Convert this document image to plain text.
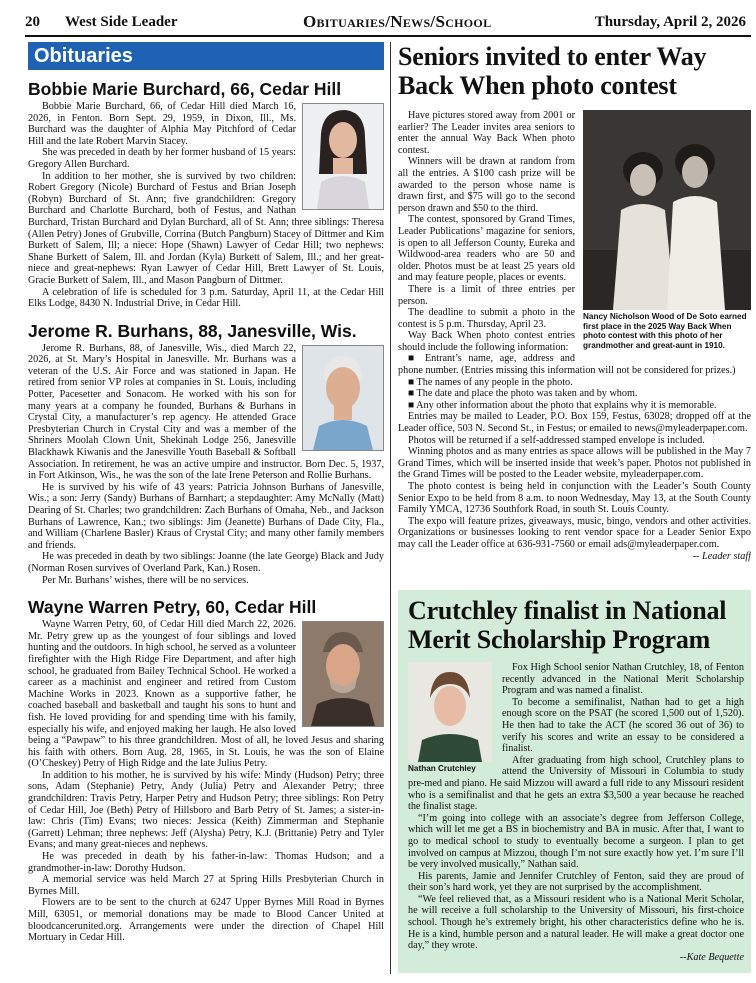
20 West Side Leader	Obituaries/News/School	Thursday, April 2, 2026
Obituaries
Bobbie Marie Burchard, 66, Cedar Hill

Bobbie Marie Burchard, 66, of Cedar Hill died March 16, 2026, in Fenton. Born Sept. 29, 1959, in Dixon, Ill., Ms. Burchard was the daughter of Alphia May Pitchford of Cedar Hill and the late Robert Marvin Stacey.

She was preceded in death by her former husband of 15 years: Gregory Allen Burchard.

In addition to her mother, she is survived by two children: Robert Gregory (Nicole) Burchard of Festus and Brian Joseph (Robyn) Burchard of St. Ann; five grandchildren: Gregory Burchard and Charlotte Burchard, both of Festus, and Nathan Burchard, Tristan Burchard and Dylan Burchard, all of St. Ann; three siblings: Theresa (Allen Petry) Jones of Grubville, Corrina (Butch Pangburn) Stacey of Dittmer and Kim Burkett of Salem, Ill; a niece: Hope (Shawn) Lawyer of Cedar Hill; two nephews: Shane Burkett of Salem, Ill. and Jordan (Kyla) Burkett of Salem, Ill.; and her great-niece and great-nephews: Ryan Lawyer of Cedar Hill, Brett Lawyer of St. Louis, Gracie Burkett of Salem, Ill., and Mason Pangburn of Dittmer.

A celebration of life is scheduled for 3 p.m. Saturday, April 11, at the Cedar Hill Elks Lodge, 8430 N. Industrial Drive, in Cedar Hill.

Jerome R. Burhans, 88, Janesville, Wis.

Jerome R. Burhans, 88, of Janesville, Wis., died March 22, 2026, at St. Mary’s Hospital in Janesville. Mr. Burhans was a veteran of the U.S. Air Force and was stationed in Japan. He retired from senior VP roles at companies in St. Louis, including Potter, Pacesetter and Sonacom. He worked with his son for many years at a company he founded, Burhans & Burhans in Crystal City, a manufacturer’s rep agency. He attended Grace Presbyterian Church in Crystal City and was a member of the Shriners Moolah Clown Unit, Shekinah Lodge 256, Janesville Blackhawk Kiwanis and the Janesville Youth Baseball & Softball Association. In retirement, he was an active umpire and instructor. Born Dec. 5, 1937, in Fort Atkinson, Wis., he was the son of the late Irene Peterson and Rollie Burhans.

He is survived by his wife of 43 years: Patricia Johnson Burhans of Janesville, Wis.; a son: Jerry (Sandy) Burhans of Barnhart; a stepdaughter: Amy McNally (Matt) Dearing of St. Charles; two grandchildren: Zach Burhans of Omaha, Neb., and Jackson Burhans of Lawrence, Kan.; two siblings: Jim (Jeanette) Burhans of Dade City, Fla., and William (Charlene Basler) Kraus of Crystal City; and many other family members and friends.

He was preceded in death by two siblings: Joanne (the late George) Black and Judy (Norman Rosen survives of Overland Park, Kan.) Rosen.

Per Mr. Burhans’ wishes, there will be no services.

Wayne Warren Petry, 60, Cedar Hill

Wayne Warren Petry, 60, of Cedar Hill died March 22, 2026. Mr. Petry grew up as the youngest of four siblings and loved hunting and the outdoors. In high school, he served as a volunteer firefighter with the High Ridge Fire Department, and after high school, he graduated from Bailey Technical School. He worked a career as a machinist and engineer and retired from Custom Machine Works in 2023. Known as a supportive father, he coached baseball and basketball and taught his sons to hunt and fish. He loved providing for and spending time with his family, especially his wife, and enjoyed making her laugh. He also loved being a “Pawpaw” to his three grandchildren. Most of all, he loved Jesus and sharing his faith with others. Born Aug. 28, 1965, in St. Louis, he was the son of Elaine (O’Cheskey) Petry of High Ridge and the late Julius Petry.

In addition to his mother, he is survived by his wife: Mindy (Hudson) Petry; three sons, Adam (Stephanie) Petry, Andy (Julia) Petry and Alexander Petry; three grandchildren: Travis Petry, Harper Petry and Hudson Petry; three siblings: Ron Petry of Cedar Hill, Joe (Beth) Petry of Hillsboro and Barb Petry of St. James; a sister-in-law: Chris (Tim) Evans; two nieces: Jessica (Keith) Zimmerman and Stephanie (Garrett) Lehman; three nephews: Jeff (Alysha) Petry, K.J. (Brittanie) Petry and Tyler Evans; and many great-nieces and nephews.

He was preceded in death by his father-in-law: Thomas Hudson; and a grandmother-in-law: Dorothy Hudson.

A memorial service was held March 27 at Spring Hills Presbyterian Church in Byrnes Mill.

Flowers are to be sent to the church at 6247 Upper Byrnes Mill Road in Byrnes Mill, 63051, or memorial donations may be made to Blood Cancer United at bloodcancerunited.org. Arrangements were under the direction of Chapel Hill Mortuary in Cedar Hill.

Seniors invited to enter Way Back When photo contest
Nancy Nicholson Wood of De Soto earned first place in the 2025 Way Back When photo contest with this photo of her grandmother and great-aunt in 1910.

Have pictures stored away from 2001 or earlier? The Leader invites area seniors to enter the annual Way Back When photo contest.

Winners will be drawn at random from all the entries. A $100 cash prize will be awarded to the person whose name is drawn first, and $75 will go to the second person drawn and $50 to the third.

The contest, sponsored by Grand Times, Leader Publications’ magazine for seniors, is open to all Jefferson County, Eureka and Wildwood-area readers who are 50 and older. Photos must be at least 25 years old and may feature people, places or events.

There is a limit of three entries per person.

The deadline to submit a photo in the contest is 5 p.m. Thursday, April 23.

Way Back When photo contest entries should include the following information:

■ Entrant’s name, age, address and phone number. (Entries missing this information will not be considered for prizes.)

■ The names of any people in the photo.

■ The date and place the photo was taken and by whom.

■ Any other information about the photo that explains why it is memorable.

Entries may be mailed to Leader, P.O. Box 159, Festus, 63028; dropped off at the Leader office, 503 N. Second St., in Festus; or emailed to news@myleaderpaper.com.

Photos will be returned if a self-addressed stamped envelope is included.

Winning photos and as many entries as space allows will be published in the May 7 Grand Times, which will be inserted inside that week’s paper. Photos not published in the Grand Times will be posted to the Leader website, myleaderpaper.com.

The photo contest is being held in conjunction with the Leader’s South County Senior Expo to be held from 8 a.m. to noon Wednesday, May 13, at the South County Family YMCA, 12736 Southfork Road, in south St. Louis County.

The expo will feature prizes, giveaways, music, bingo, vendors and other activities. Organizations or businesses looking to rent vendor space for a Leader Senior Expo may call the Leader office at 636-931-7560 or email ads@myleaderpaper.com.

-- Leader staff
Crutchley finalist in National Merit Scholarship Program
Nathan Crutchley

Fox High School senior Nathan Crutchley, 18, of Fenton recently advanced in the National Merit Scholarship Program and was named a finalist.

To become a semifinalist, Nathan had to get a high enough score on the PSAT (he scored 1,500 out of 1,520). He then had to take the ACT (he scored 36 out of 36) to verify his scores and write an essay to be considered a finalist.

After graduating from high school, Crutchley plans to attend the University of Missouri in Columbia to study pre-med and piano. He said Mizzou will award a full ride to any Missouri resident who is a semifinalist and that he gets an extra $3,500 a year because he reached the finalist stage.

“I’m going into college with an associate’s degree from Jefferson College, which will let me get a BS in biochemistry and BA in music. After that, I want to go to medical school to study to eventually become a surgeon. I plan to get involved on campus at Mizzou, though I’m not sure exactly how yet. I’m sure I’ll be very involved musically,” Nathan said.

His parents, Jamie and Jennifer Crutchley of Fenton, said they are proud of their son’s hard work, yet they are not surprised by the accomplishment.

“We feel relieved that, as a Missouri resident who is a National Merit Scholar, he will receive a full scholarship to the University of Missouri, his first-choice school. Though he’s extremely bright, his other characteristics define who he is. He is a kind, humble person and a natural leader. He will make a great doctor one day,” they wrote.

--Kate Bequette
